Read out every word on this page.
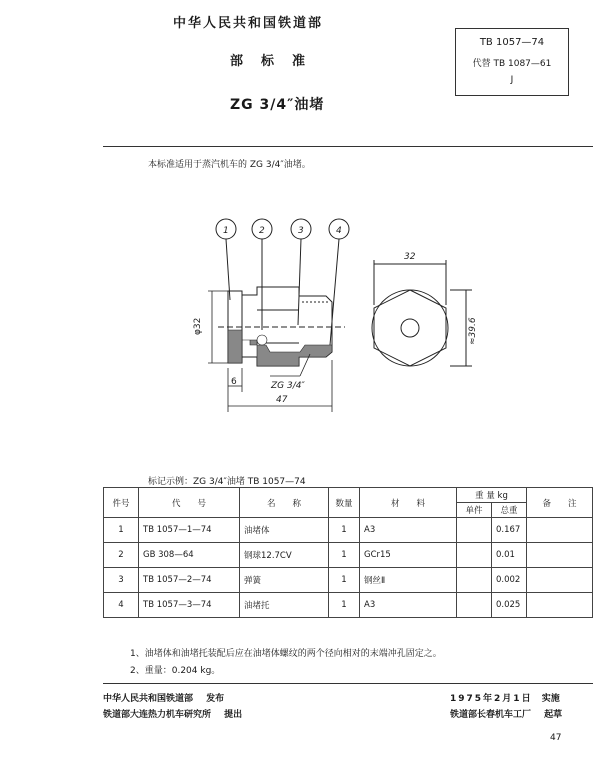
中华人民共和国铁道部
部标准
ZG 3/4″油堵
TB 1057—74
代替 TB 1087—61
J
本标准适用于蒸汽机车的 ZG 3/4″油堵。
1	2	3	4
φ32
6	ZG 3/4″
47
32
≈39.6
标记示例：ZG 3/4″油堵 TB 1057—74
件号	代　　号	名　　称	数量	材　　料	重 量 kg		备　　注
					单件	总重	
1	TB 1057—1—74	油堵体	1	A3		0.167	
2	GB 308—64	钢球12.7CV	1	GCr15		0.01	
3	TB 1057—2—74	弹簧	1	钢丝Ⅱ		0.002	
4	TB 1057—3—74	油堵托	1	A3		0.025	
1、油堵体和油堵托装配后应在油堵体螺纹的两个径向相对的末端冲孔固定之。
2、重量：0.204 kg。
中华人民共和国铁道部 发布
铁道部大连热力机车研究所 提出
1975年2月1日 实施
铁道部长春机车工厂 起草
47
